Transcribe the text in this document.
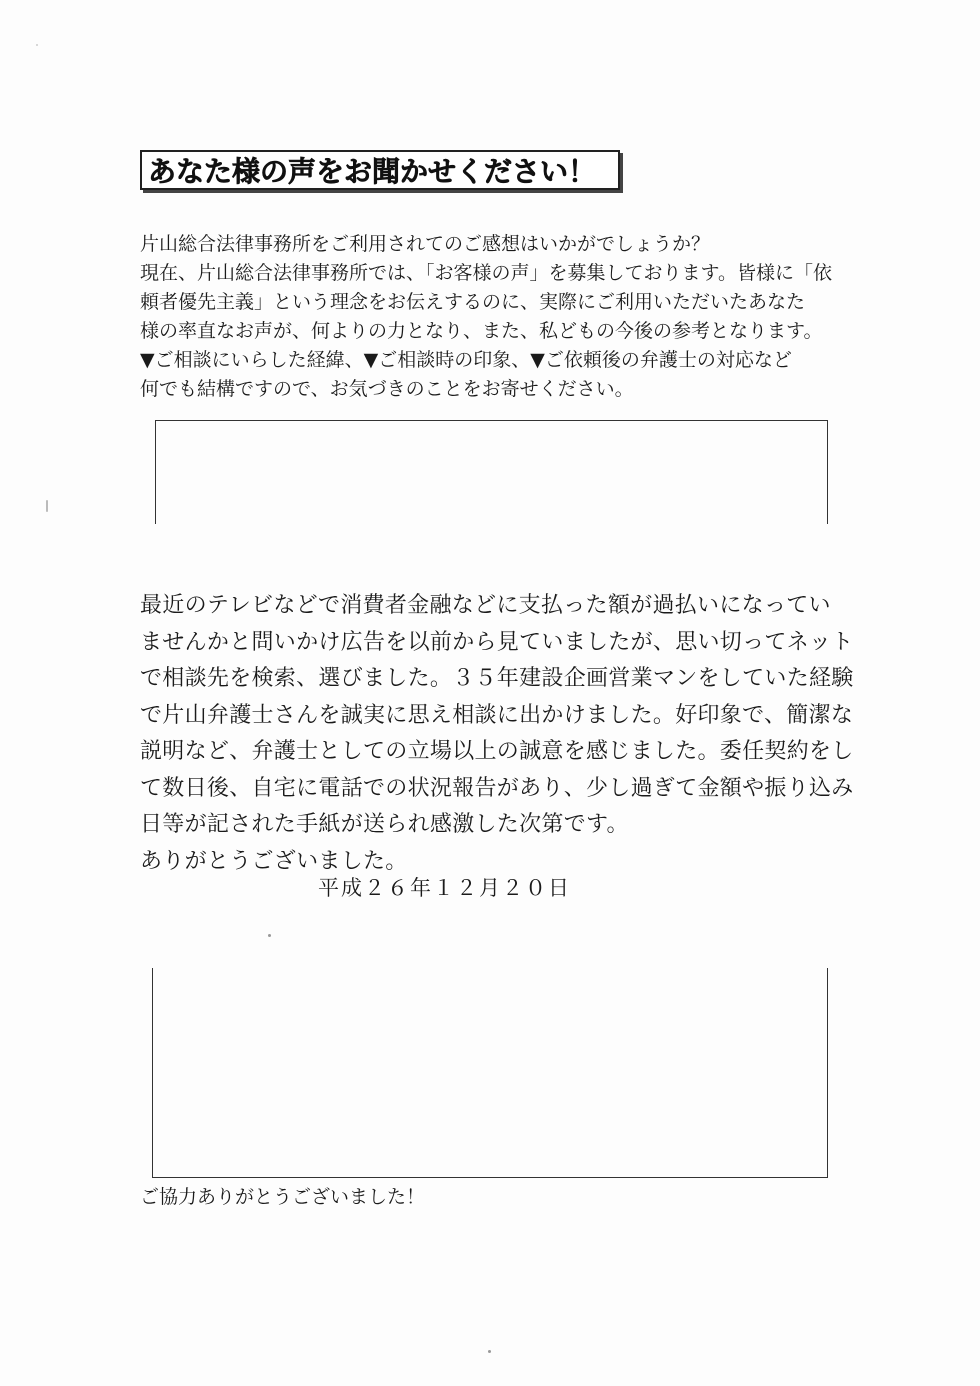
あなた様の声をお聞かせください！
片山総合法律事務所をご利用されてのご感想はいかがでしょうか？
現在、片山総合法律事務所では、「お客様の声」を募集しております。皆様に「依
頼者優先主義」という理念をお伝えするのに、実際にご利用いただいたあなた
様の率直なお声が、何よりの力となり、また、私どもの今後の参考となります。
▼ご相談にいらした経緯、▼ご相談時の印象、▼ご依頼後の弁護士の対応など
何でも結構ですので、お気づきのことをお寄せください。
最近のテレビなどで消費者金融などに支払った額が過払いになってい
ませんかと問いかけ広告を以前から見ていましたが、思い切ってネット
で相談先を検索、選びました。３５年建設企画営業マンをしていた経験
で片山弁護士さんを誠実に思え相談に出かけました。好印象で、簡潔な
説明など、弁護士としての立場以上の誠意を感じました。委任契約をし
て数日後、自宅に電話での状況報告があり、少し過ぎて金額や振り込み
日等が記された手紙が送られ感激した次第です。
ありがとうございました。
平成２６年１２月２０日
ご協力ありがとうございました！
